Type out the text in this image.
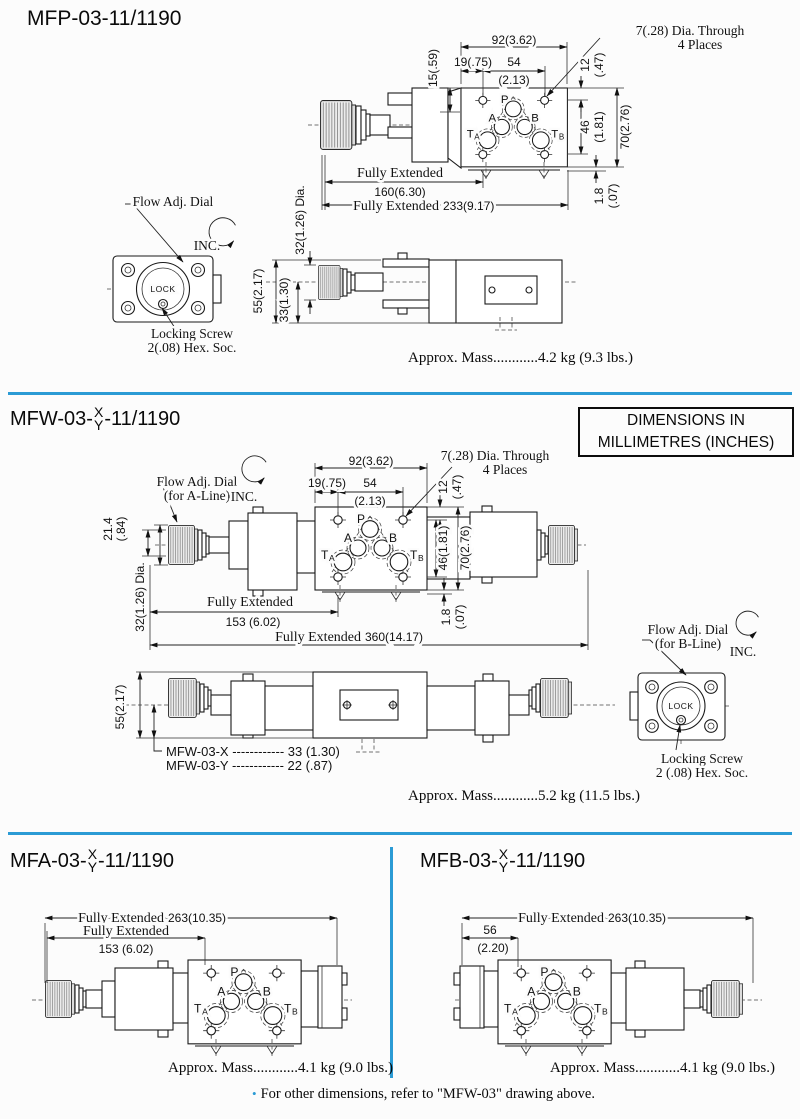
MFP-03-11/1190
P
A	B
T A	T B
92(3.62)
19(.75) 54
(2.13)
15(.59)	12 (.47)
46 (1.81) 70(2.76)
1.8 (.07)
7(.28) Dia. Through
4 Places
Fully Extended
160(6.30)
Fully Extended 233(9.17)
LOCK
Flow Adj. Dial
INC.
Locking Screw
2(.08) Hex. Soc.
55(2.17) 33(1.30)
32(1.26) Dia.
Approx. Mass............4.2 kg (9.3 lbs.)
MFW-03- X
Y -11/1190	DIMENSIONS IN
MILLIMETRES (INCHES)
P
A	B
T A	T B
92(3.62)
19(.75) 54
(2.13)
12 (.47)
46(1.81) 70(2.76)
1.8 (.07)
21.4 (.84)
32(1.26) Dia.
7(.28) Dia. Through
4 Places
Flow Adj. Dial
(for A-Line) INC.
Fully Extended
153 (6.02)
Fully Extended 360(14.17)
55(2.17)
MFW-03-X ------------ 33 (1.30)
MFW-03-Y ------------ 22 (.87)
LOCK
Flow Adj. Dial
(for B-Line)
INC.
Locking Screw
2 (.08) Hex. Soc.
Approx. Mass............5.2 kg (11.5 lbs.)
MFA-03- X
Y -11/1190
P
A	B
T A	T B
Fully Extended 263(10.35)
Fully Extended
153 (6.02)
Approx. Mass............4.1 kg (9.0 lbs.)
MFB-03- X
Y -11/1190
P
A	B
T A	T B
Fully Extended 263(10.35)
56
(2.20)
Approx. Mass............4.1 kg (9.0 lbs.)
• For other dimensions, refer to "MFW-03" drawing above.
